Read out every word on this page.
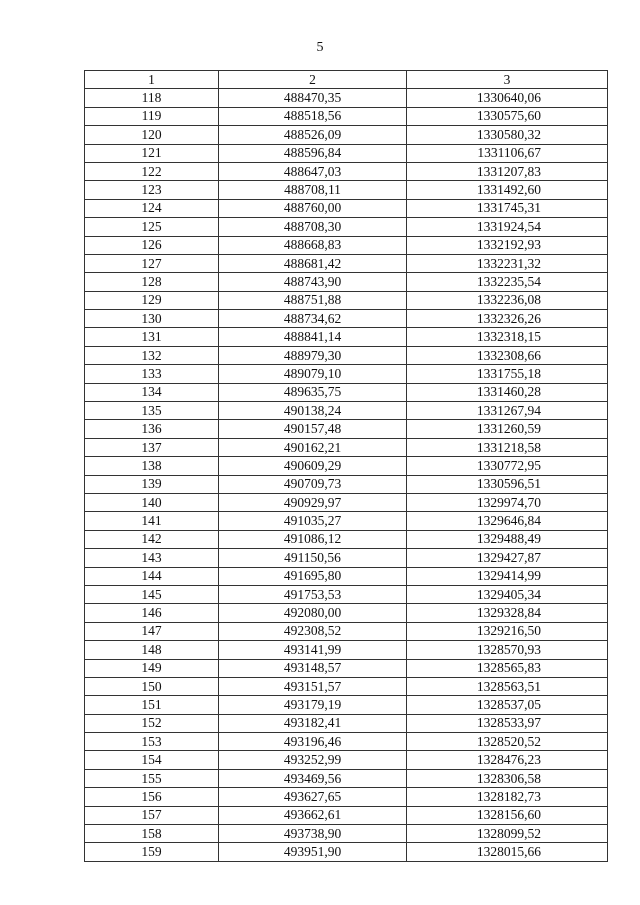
5
1	2	3
118	488470,35	1330640,06
119	488518,56	1330575,60
120	488526,09	1330580,32
121	488596,84	1331106,67
122	488647,03	1331207,83
123	488708,11	1331492,60
124	488760,00	1331745,31
125	488708,30	1331924,54
126	488668,83	1332192,93
127	488681,42	1332231,32
128	488743,90	1332235,54
129	488751,88	1332236,08
130	488734,62	1332326,26
131	488841,14	1332318,15
132	488979,30	1332308,66
133	489079,10	1331755,18
134	489635,75	1331460,28
135	490138,24	1331267,94
136	490157,48	1331260,59
137	490162,21	1331218,58
138	490609,29	1330772,95
139	490709,73	1330596,51
140	490929,97	1329974,70
141	491035,27	1329646,84
142	491086,12	1329488,49
143	491150,56	1329427,87
144	491695,80	1329414,99
145	491753,53	1329405,34
146	492080,00	1329328,84
147	492308,52	1329216,50
148	493141,99	1328570,93
149	493148,57	1328565,83
150	493151,57	1328563,51
151	493179,19	1328537,05
152	493182,41	1328533,97
153	493196,46	1328520,52
154	493252,99	1328476,23
155	493469,56	1328306,58
156	493627,65	1328182,73
157	493662,61	1328156,60
158	493738,90	1328099,52
159	493951,90	1328015,66
